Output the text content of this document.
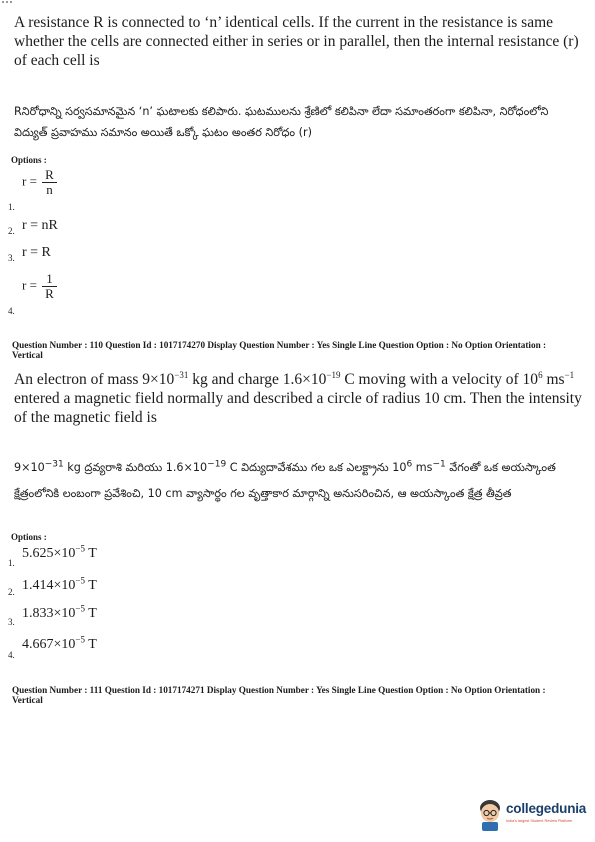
A resistance R is connected to ‘n’ identical cells. If the current in the resistance is same whether the cells are connected either in series or in parallel, then the internal resistance (r) of each cell is

Rనిరోధాన్ని సర్వసమానమైన ‘n’ ఘటాలకు కలిపారు. ఘటములను శ్రేణిలో కలిపినా లేదా సమాంతరంగా కలిపినా, నిరోధంలోని విద్యుత్ ప్రవాహము సమానం అయితే ఒక్కో ఘటం అంతర నిరోధం (r)

Options :

1.
$r = \frac{R}{n}$
2. r = nR
3. r = R
4.
$r = \frac{1}{R}$

Question Number : 110 Question Id : 1017174270 Display Question Number : Yes Single Line Question Option : No Option Orientation : Vertical

An electron of mass $9\times 10^{-31}$ kg and charge $1.6\times 10^{-19}$ C moving with a velocity of $10^6$ $ms^{-1}$ entered a magnetic field normally and described a circle of radius 10 cm. Then the intensity of the magnetic field is

$9\times 10^{-31}$ kg ద్రవ్యరాశి మరియు $1.6\times 10^{-19}$ C విద్యుదావేశము గల ఒక ఎలక్ట్రాను $10^6$ $ms^{-1}$ వేగంతో ఒక అయస్కాంత క్షేత్రంలోనికి లంబంగా ప్రవేశించి, 10 cm వ్యాసార్థం గల వృత్తాకార మార్గాన్ని అనుసరించిన, ఆ అయస్కాంత క్షేత్ర తీవ్రత

Options :

1.
$5.625\times 10^{-5}$ T
2. $1.414\times 10^{-5}$ T
3.
$1.833\times 10^{-5}$ T
4.
$4.667\times 10^{-5}$ T

Question Number : 111 Question Id : 1017174271 Display Question Number : Yes Single Line Question Option : No Option Orientation : Vertical

collegedunia
India's largest Student Review Platform
